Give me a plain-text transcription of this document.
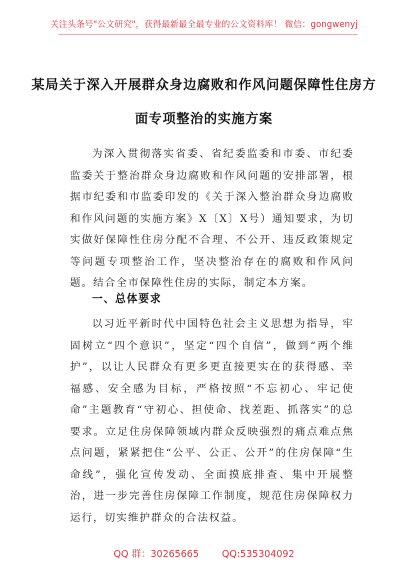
关注头条号"公文研究"，获得最新最全最专业的公文资料库！ 微信：gongwenyj
某局关于深入开展群众身边腐败和作风问题保障性住房方
面专项整治的实施方案
为深入贯彻落实省委、省纪委监委和市委、市纪委监委关于整治群众身边腐败和作风问题的安排部署，根据市纪委和市监委印发的《关于深入整治群众身边腐败和作风问题的实施方案》X〔X〕X号）通知要求，为切实做好保障性住房分配不合理、不公开、违反政策规定等问题专项整治工作，坚决整治存在的腐败和作风问题。结合全市保障性住房的实际，制定本方案。
一、总体要求
以习近平新时代中国特色社会主义思想为指导，牢固树立“四个意识”，坚定“四个自信”，做到“两个维护”，以让人民群众有更多更直接更实在的获得感、幸福感、安全感为目标，严格按照“不忘初心、牢记使命”主题教育“守初心、担使命、找差距、抓落实”的总要求。立足住房保障领域内群众反映强烈的痛点难点焦点问题，紧紧把住“公平、公正、公开”的住房保障“生命线”，强化宣传发动、全面摸底排查、集中开展整治，进一步完善住房保障工作制度，规范住房保障权力运行，切实维护群众的合法权益。
QQ 群：30265665 QQ:535304092
